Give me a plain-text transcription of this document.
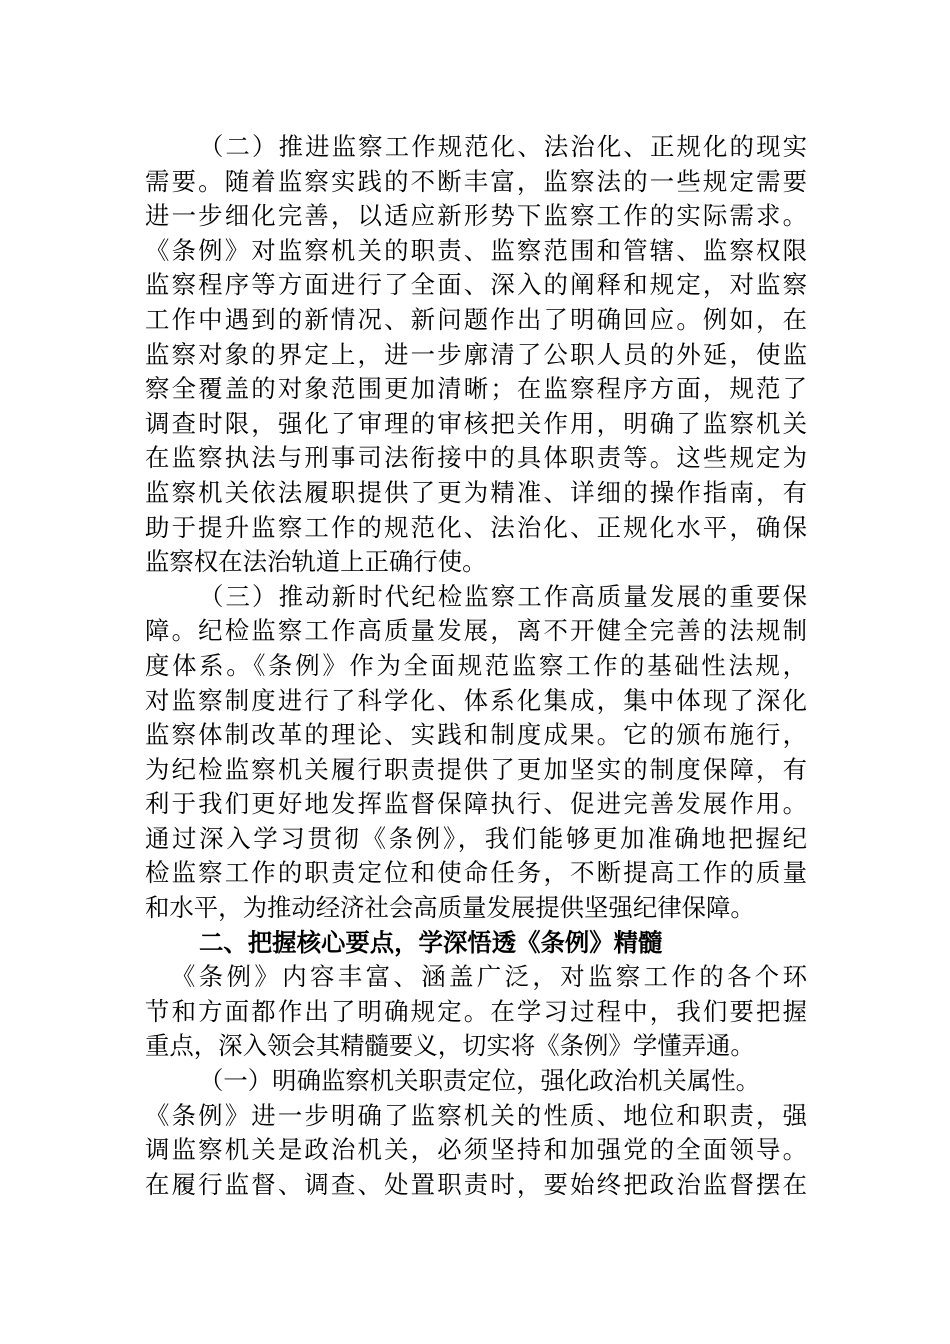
（二）推进监察工作规范化、法治化、正规化的现实
需要。随着监察实践的不断丰富，监察法的一些规定需要
进一步细化完善，以适应新形势下监察工作的实际需求。
《条例》对监察机关的职责、监察范围和管辖、监察权限
监察程序等方面进行了全面、深入的阐释和规定，对监察
工作中遇到的新情况、新问题作出了明确回应。例如，在
监察对象的界定上，进一步廓清了公职人员的外延，使监
察全覆盖的对象范围更加清晰；在监察程序方面，规范了
调查时限，强化了审理的审核把关作用，明确了监察机关
在监察执法与刑事司法衔接中的具体职责等。这些规定为
监察机关依法履职提供了更为精准、详细的操作指南，有
助于提升监察工作的规范化、法治化、正规化水平，确保
监察权在法治轨道上正确行使。
（三）推动新时代纪检监察工作高质量发展的重要保
障。纪检监察工作高质量发展，离不开健全完善的法规制
度体系。《条例》作为全面规范监察工作的基础性法规，
对监察制度进行了科学化、体系化集成，集中体现了深化
监察体制改革的理论、实践和制度成果。它的颁布施行，
为纪检监察机关履行职责提供了更加坚实的制度保障，有
利于我们更好地发挥监督保障执行、促进完善发展作用。
通过深入学习贯彻《条例》，我们能够更加准确地把握纪
检监察工作的职责定位和使命任务，不断提高工作的质量
和水平，为推动经济社会高质量发展提供坚强纪律保障。
二、把握核心要点，学深悟透《条例》精髓
《条例》内容丰富、涵盖广泛，对监察工作的各个环
节和方面都作出了明确规定。在学习过程中，我们要把握
重点，深入领会其精髓要义，切实将《条例》学懂弄通。
（一）明确监察机关职责定位，强化政治机关属性。
《条例》进一步明确了监察机关的性质、地位和职责，强
调监察机关是政治机关，必须坚持和加强党的全面领导。
在履行监督、调查、处置职责时，要始终把政治监督摆在
